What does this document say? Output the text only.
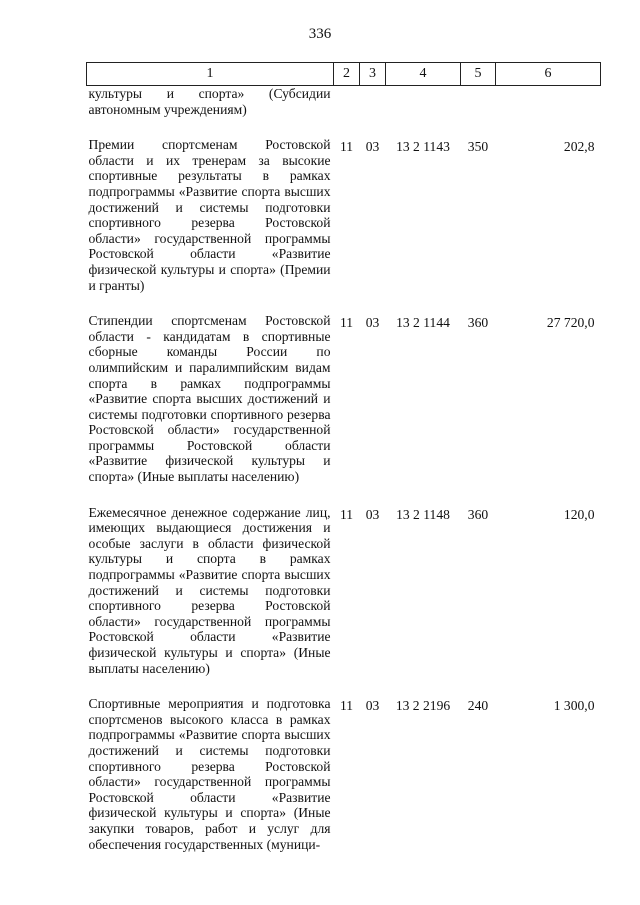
336
1	2	3	4	5	6
культуры и спорта» (Субсидии автономным учреждениям)					
Премии спортсменам Ростовской области и их тренерам за высокие спортивные результаты в рамках подпрограммы «Развитие спорта высших достижений и системы подготовки спортивного резерва Ростовской области» государственной программы Ростовской области «Развитие физической культуры и спорта» (Премии и гранты)	11	03	13 2 1143	350	202,8
Стипендии спортсменам Ростовской области - кандидатам в спортивные сборные команды России по олимпийским и паралимпийским видам спорта в рамках подпрограммы «Развитие спорта высших достижений и системы подготовки спортивного резерва Ростовской области» государственной программы Ростовской области «Развитие физической культуры и спорта» (Иные выплаты населению)	11	03	13 2 1144	360	27 720,0
Ежемесячное денежное содержание лиц, имеющих выдающиеся достижения и особые заслуги в области физической культуры и спорта в рамках подпрограммы «Развитие спорта высших достижений и системы подготовки спортивного резерва Ростовской области» государственной программы Ростовской области «Развитие физической культуры и спорта» (Иные выплаты населению)	11	03	13 2 1148	360	120,0
Спортивные мероприятия и подготовка спортсменов высокого класса в рамках подпрограммы «Развитие спорта высших достижений и системы подготовки спортивного резерва Ростовской области» государственной программы Ростовской области «Развитие физической культуры и спорта» (Иные закупки товаров, работ и услуг для обеспечения государственных (муници-	11	03	13 2 2196	240	1 300,0
